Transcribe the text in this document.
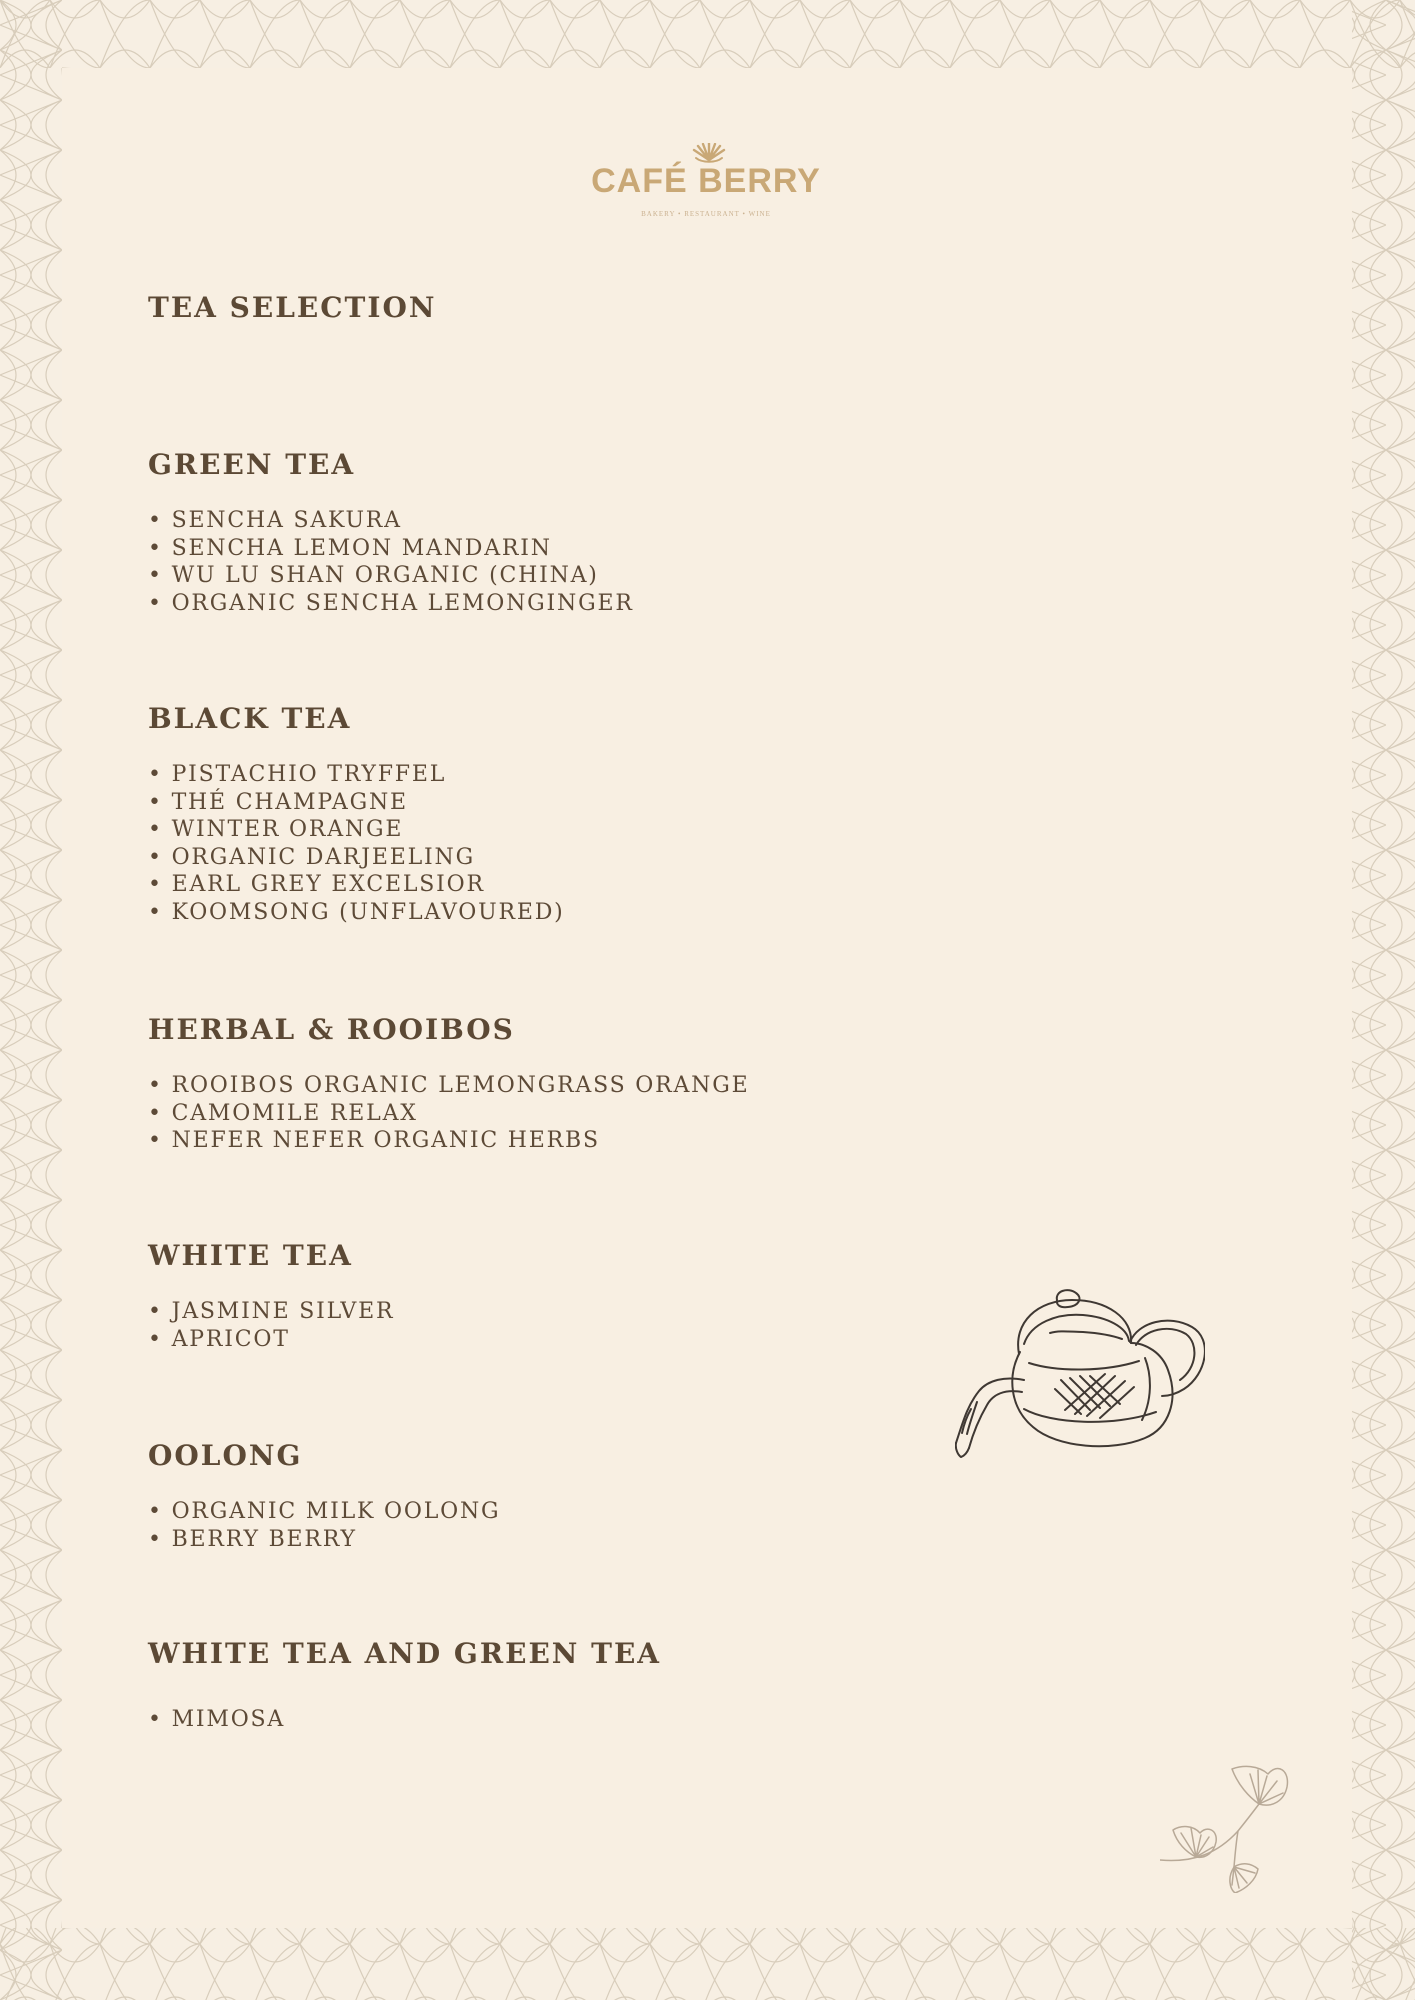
CAFÉ BERRY
BAKERY • RESTAURANT • WINE
TEA SELECTION
GREEN TEA
• SENCHA SAKURA
• SENCHA LEMON MANDARIN
• WU LU SHAN ORGANIC (CHINA)
• ORGANIC SENCHA LEMONGINGER
BLACK TEA
• PISTACHIO TRYFFEL
• THÉ CHAMPAGNE
• WINTER ORANGE
• ORGANIC DARJEELING
• EARL GREY EXCELSIOR
• KOOMSONG (UNFLAVOURED)
HERBAL & ROOIBOS
• ROOIBOS ORGANIC LEMONGRASS ORANGE
• CAMOMILE RELAX
• NEFER NEFER ORGANIC HERBS
WHITE TEA
• JASMINE SILVER
• APRICOT
OOLONG
• ORGANIC MILK OOLONG
• BERRY BERRY
WHITE TEA AND GREEN TEA
• MIMOSA
